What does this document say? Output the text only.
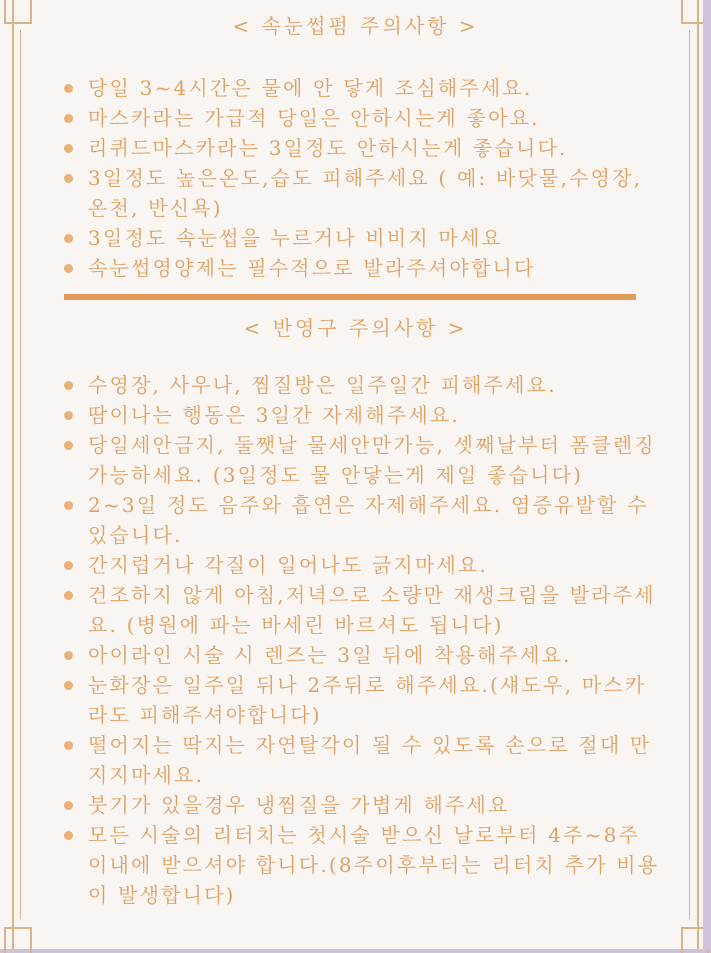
< 속눈썹펌 주의사항 >
당일 3~4시간은 물에 안 닿게 조심해주세요.
마스카라는 가급적 당일은 안하시는게 좋아요.
리퀴드마스카라는 3일정도 안하시는게 좋습니다.
3일정도 높은온도,습도 피해주세요 ( 예: 바닷물,수영장, 온천, 반신욕)
3일정도 속눈썹을 누르거나 비비지 마세요
속눈썹영양제는 필수적으로 발라주셔야합니다
< 반영구 주의사항 >
수영장, 사우나, 찜질방은 일주일간 피해주세요.
땀이나는 행동은 3일간 자제해주세요.
당일세안금지, 둘쨋날 물세안만가능, 셋째날부터 폼클렌징가능하세요. (3일정도 물 안닿는게 제일 좋습니다)
2~3일 정도 음주와 흡연은 자제해주세요. 염증유발할 수 있습니다.
간지럽거나 각질이 일어나도 긁지마세요.
건조하지 않게 아침,저녁으로 소량만 재생크림을 발라주세요. (병원에 파는 바세린 바르셔도 됩니다)
아이라인 시술 시 렌즈는 3일 뒤에 착용해주세요.
눈화장은 일주일 뒤나 2주뒤로 해주세요.(섀도우, 마스카라도 피해주셔야합니다)
떨어지는 딱지는 자연탈각이 될 수 있도록 손으로 절대 만지지마세요.
붓기가 있을경우 냉찜질을 가볍게 해주세요
모든 시술의 리터치는 첫시술 받으신 날로부터 4주~8주 이내에 받으셔야 합니다.(8주이후부터는 리터치 추가 비용이 발생합니다)
